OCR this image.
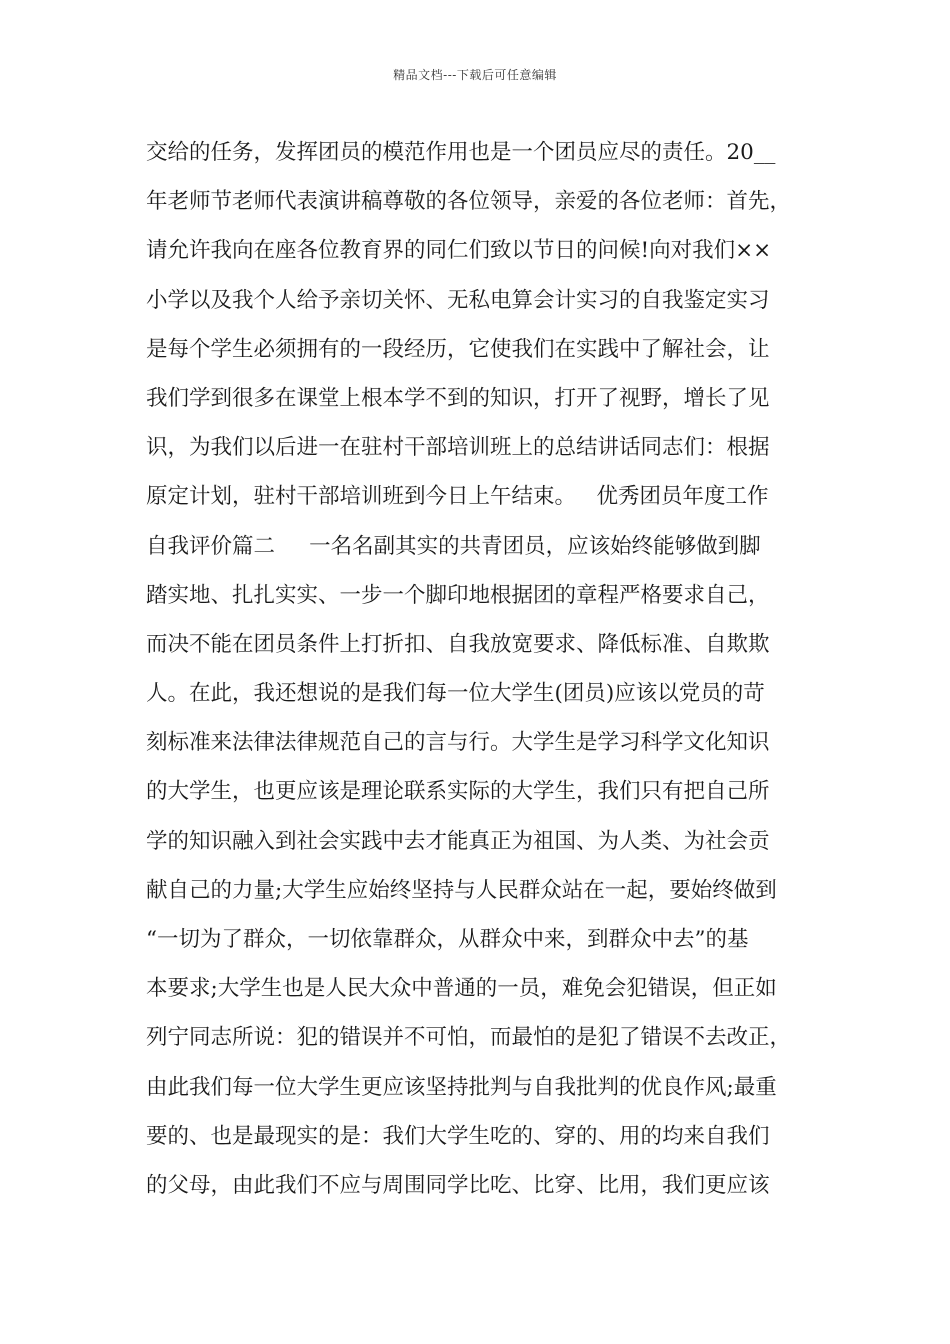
精品文档---下载后可任意编辑
交给的任务，发挥团员的模范作用也是一个团员应尽的责任。20__
年老师节老师代表演讲稿尊敬的各位领导，亲爱的各位老师：首先，
请允许我向在座各位教育界的同仁们致以节日的问候!向对我们××
小学以及我个人给予亲切关怀、无私电算会计实习的自我鉴定实习
是每个学生必须拥有的一段经历，它使我们在实践中了解社会，让
我们学到很多在课堂上根本学不到的知识，打开了视野，增长了见
识，为我们以后进一在驻村干部培训班上的总结讲话同志们：根据
原定计划，驻村干部培训班到今日上午结束。   优秀团员年度工作
自我评价篇二     一名名副其实的共青团员，应该始终能够做到脚
踏实地、扎扎实实、一步一个脚印地根据团的章程严格要求自己，
而决不能在团员条件上打折扣、自我放宽要求、降低标准、自欺欺
人。在此，我还想说的是我们每一位大学生(团员)应该以党员的苛
刻标准来法律法律规范自己的言与行。大学生是学习科学文化知识
的大学生，也更应该是理论联系实际的大学生，我们只有把自己所
学的知识融入到社会实践中去才能真正为祖国、为人类、为社会贡
献自己的力量;大学生应始终坚持与人民群众站在一起，要始终做到
“一切为了群众，一切依靠群众，从群众中来，到群众中去”的基
本要求;大学生也是人民大众中普通的一员，难免会犯错误，但正如
列宁同志所说：犯的错误并不可怕，而最怕的是犯了错误不去改正，
由此我们每一位大学生更应该坚持批判与自我批判的优良作风;最重
要的、也是最现实的是：我们大学生吃的、穿的、用的均来自我们
的父母，由此我们不应与周围同学比吃、比穿、比用，我们更应该
